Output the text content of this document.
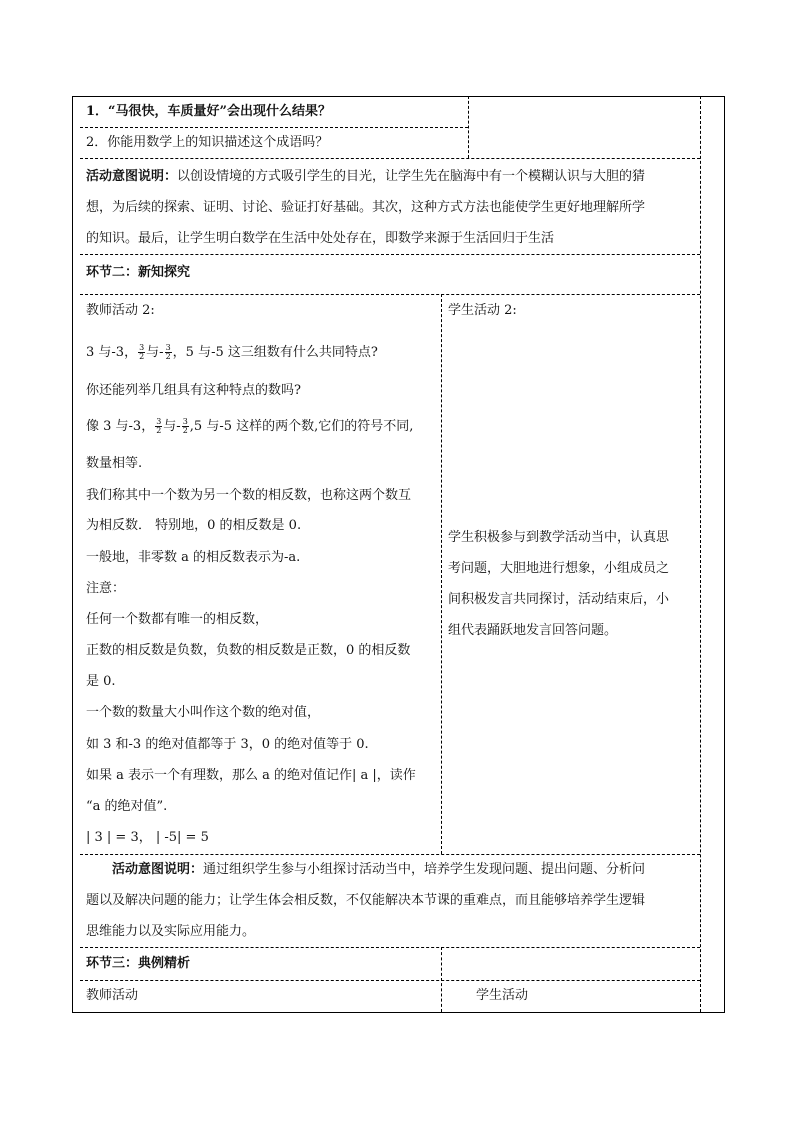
1．“马很快，车质量好”会出现什么结果？
2．你能用数学上的知识描述这个成语吗？
活动意图说明：以创设情境的方式吸引学生的目光，让学生先在脑海中有一个模糊认识与大胆的猜
想，为后续的探索、证明、讨论、验证打好基础。其次，这种方式方法也能使学生更好地理解所学
的知识。最后，让学生明白数学在生活中处处存在，即数学来源于生活回归于生活
环节二：新知探究
教师活动 2:
3 与-3， $\frac{3}{2}$ 与- $\frac{3}{2}$ ，5 与-5 这三组数有什么共同特点?
你还能列举几组具有这种特点的数吗?
像 3 与-3， $\frac{3}{2}$ 与- $\frac{3}{2} ,5$ 与-5 这样的两个数,它们的符号不同,
数量相等.
我们称其中一个数为另一个数的相反数，也称这两个数互
为相反数． 特别地，0 的相反数是 0.
一般地，非零数 a 的相反数表示为-a.
注意：
任何一个数都有唯一的相反数，
正数的相反数是负数，负数的相反数是正数，0 的相反数
是 0.
一个数的数量大小叫作这个数的绝对值，
如 3 和-3 的绝对值都等于 3，0 的绝对值等于 0.
如果 a 表示一个有理数，那么 a 的绝对值记作| a |，读作
“a 的绝对值”.
| 3 | = 3， | -5| = 5
学生活动 2:
学生积极参与到教学活动当中，认真思
考问题，大胆地进行想象，小组成员之
间积极发言共同探讨，活动结束后，小
组代表踊跃地发言回答问题。
活动意图说明：通过组织学生参与小组探讨活动当中，培养学生发现问题、提出问题、分析问
题以及解决问题的能力；让学生体会相反数，不仅能解决本节课的重难点，而且能够培养学生逻辑
思维能力以及实际应用能力。
环节三：典例精析
教师活动	学生活动
